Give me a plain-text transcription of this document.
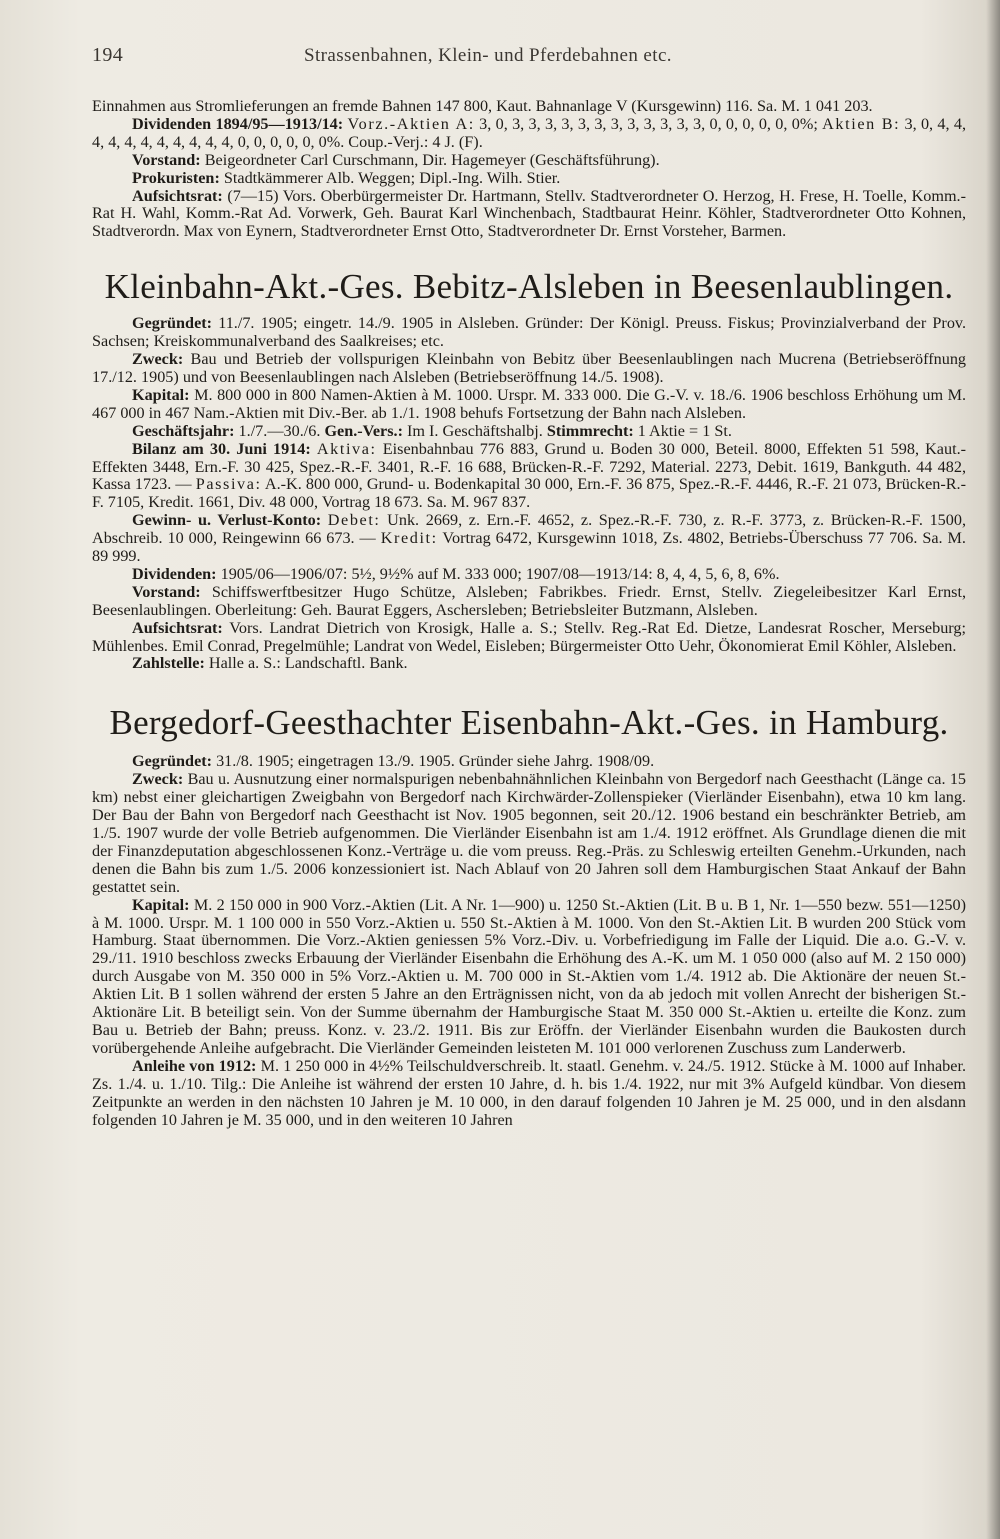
194	Strassenbahnen, Klein- und Pferdebahnen etc.

Einnahmen aus Stromlieferungen an fremde Bahnen 147 800, Kaut. Bahnanlage V (Kursgewinn) 116. Sa. M. 1 041 203.

Dividenden 1894/95—1913/14: Vorz.-Aktien A: 3, 0, 3, 3, 3, 3, 3, 3, 3, 3, 3, 3, 3, 3, 0, 0, 0, 0, 0, 0%; Aktien B: 3, 0, 4, 4, 4, 4, 4, 4, 4, 4, 4, 4, 4, 0, 0, 0, 0, 0, 0%. Coup.-Verj.: 4 J. (F).

Vorstand: Beigeordneter Carl Curschmann, Dir. Hagemeyer (Geschäftsführung).

Prokuristen: Stadtkämmerer Alb. Weggen; Dipl.-Ing. Wilh. Stier.

Aufsichtsrat: (7—15) Vors. Oberbürgermeister Dr. Hartmann, Stellv. Stadtverordneter O. Herzog, H. Frese, H. Toelle, Komm.-Rat H. Wahl, Komm.-Rat Ad. Vorwerk, Geh. Baurat Karl Winchenbach, Stadtbaurat Heinr. Köhler, Stadtverordneter Otto Kohnen, Stadtverordn. Max von Eynern, Stadtverordneter Ernst Otto, Stadtverordneter Dr. Ernst Vorsteher, Barmen.

Kleinbahn-Akt.-Ges. Bebitz-Alsleben in Beesenlaublingen.

Gegründet: 11./7. 1905; eingetr. 14./9. 1905 in Alsleben. Gründer: Der Königl. Preuss. Fiskus; Provinzialverband der Prov. Sachsen; Kreiskommunalverband des Saalkreises; etc.

Zweck: Bau und Betrieb der vollspurigen Kleinbahn von Bebitz über Beesenlaublingen nach Mucrena (Betriebseröffnung 17./12. 1905) und von Beesenlaublingen nach Alsleben (Betriebseröffnung 14./5. 1908).

Kapital: M. 800 000 in 800 Namen-Aktien à M. 1000. Urspr. M. 333 000. Die G.-V. v. 18./6. 1906 beschloss Erhöhung um M. 467 000 in 467 Nam.-Aktien mit Div.-Ber. ab 1./1. 1908 behufs Fortsetzung der Bahn nach Alsleben.

Geschäftsjahr: 1./7.—30./6. Gen.-Vers.: Im I. Geschäftshalbj. Stimmrecht: 1 Aktie = 1 St.

Bilanz am 30. Juni 1914: Aktiva: Eisenbahnbau 776 883, Grund u. Boden 30 000, Beteil. 8000, Effekten 51 598, Kaut.-Effekten 3448, Ern.-F. 30 425, Spez.-R.-F. 3401, R.-F. 16 688, Brücken-R.-F. 7292, Material. 2273, Debit. 1619, Bankguth. 44 482, Kassa 1723. — Passiva: A.-K. 800 000, Grund- u. Bodenkapital 30 000, Ern.-F. 36 875, Spez.-R.-F. 4446, R.-F. 21 073, Brücken-R.-F. 7105, Kredit. 1661, Div. 48 000, Vortrag 18 673. Sa. M. 967 837.

Gewinn- u. Verlust-Konto: Debet: Unk. 2669, z. Ern.-F. 4652, z. Spez.-R.-F. 730, z. R.-F. 3773, z. Brücken-R.-F. 1500, Abschreib. 10 000, Reingewinn 66 673. — Kredit: Vortrag 6472, Kursgewinn 1018, Zs. 4802, Betriebs-Überschuss 77 706. Sa. M. 89 999.

Dividenden: 1905/06—1906/07: 5½, 9½% auf M. 333 000; 1907/08—1913/14: 8, 4, 4, 5, 6, 8, 6%.

Vorstand: Schiffswerftbesitzer Hugo Schütze, Alsleben; Fabrikbes. Friedr. Ernst, Stellv. Ziegeleibesitzer Karl Ernst, Beesenlaublingen. Oberleitung: Geh. Baurat Eggers, Aschersleben; Betriebsleiter Butzmann, Alsleben.

Aufsichtsrat: Vors. Landrat Dietrich von Krosigk, Halle a. S.; Stellv. Reg.-Rat Ed. Dietze, Landesrat Roscher, Merseburg; Mühlenbes. Emil Conrad, Pregelmühle; Landrat von Wedel, Eisleben; Bürgermeister Otto Uehr, Ökonomierat Emil Köhler, Alsleben.

Zahlstelle: Halle a. S.: Landschaftl. Bank.

Bergedorf-Geesthachter Eisenbahn-Akt.-Ges. in Hamburg.

Gegründet: 31./8. 1905; eingetragen 13./9. 1905. Gründer siehe Jahrg. 1908/09.

Zweck: Bau u. Ausnutzung einer normalspurigen nebenbahnähnlichen Kleinbahn von Bergedorf nach Geesthacht (Länge ca. 15 km) nebst einer gleichartigen Zweigbahn von Bergedorf nach Kirchwärder-Zollenspieker (Vierländer Eisenbahn), etwa 10 km lang. Der Bau der Bahn von Bergedorf nach Geesthacht ist Nov. 1905 begonnen, seit 20./12. 1906 bestand ein beschränkter Betrieb, am 1./5. 1907 wurde der volle Betrieb aufgenommen. Die Vierländer Eisenbahn ist am 1./4. 1912 eröffnet. Als Grundlage dienen die mit der Finanzdeputation abgeschlossenen Konz.-Verträge u. die vom preuss. Reg.-Präs. zu Schleswig erteilten Genehm.-Urkunden, nach denen die Bahn bis zum 1./5. 2006 konzessioniert ist. Nach Ablauf von 20 Jahren soll dem Hamburgischen Staat Ankauf der Bahn gestattet sein.

Kapital: M. 2 150 000 in 900 Vorz.-Aktien (Lit. A Nr. 1—900) u. 1250 St.-Aktien (Lit. B u. B 1, Nr. 1—550 bezw. 551—1250) à M. 1000. Urspr. M. 1 100 000 in 550 Vorz.-Aktien u. 550 St.-Aktien à M. 1000. Von den St.-Aktien Lit. B wurden 200 Stück vom Hamburg. Staat übernommen. Die Vorz.-Aktien geniessen 5% Vorz.-Div. u. Vorbefriedigung im Falle der Liquid. Die a.o. G.-V. v. 29./11. 1910 beschloss zwecks Erbauung der Vierländer Eisenbahn die Erhöhung des A.-K. um M. 1 050 000 (also auf M. 2 150 000) durch Ausgabe von M. 350 000 in 5% Vorz.-Aktien u. M. 700 000 in St.-Aktien vom 1./4. 1912 ab. Die Aktionäre der neuen St.-Aktien Lit. B 1 sollen während der ersten 5 Jahre an den Erträgnissen nicht, von da ab jedoch mit vollen Anrecht der bisherigen St.-Aktionäre Lit. B beteiligt sein. Von der Summe übernahm der Hamburgische Staat M. 350 000 St.-Aktien u. erteilte die Konz. zum Bau u. Betrieb der Bahn; preuss. Konz. v. 23./2. 1911. Bis zur Eröffn. der Vierländer Eisenbahn wurden die Baukosten durch vorübergehende Anleihe aufgebracht. Die Vierländer Gemeinden leisteten M. 101 000 verlorenen Zuschuss zum Landerwerb.

Anleihe von 1912: M. 1 250 000 in 4½% Teilschuldverschreib. lt. staatl. Genehm. v. 24./5. 1912. Stücke à M. 1000 auf Inhaber. Zs. 1./4. u. 1./10. Tilg.: Die Anleihe ist während der ersten 10 Jahre, d. h. bis 1./4. 1922, nur mit 3% Aufgeld kündbar. Von diesem Zeitpunkte an werden in den nächsten 10 Jahren je M. 10 000, in den darauf folgenden 10 Jahren je M. 25 000, und in den alsdann folgenden 10 Jahren je M. 35 000, und in den weiteren 10 Jahren
